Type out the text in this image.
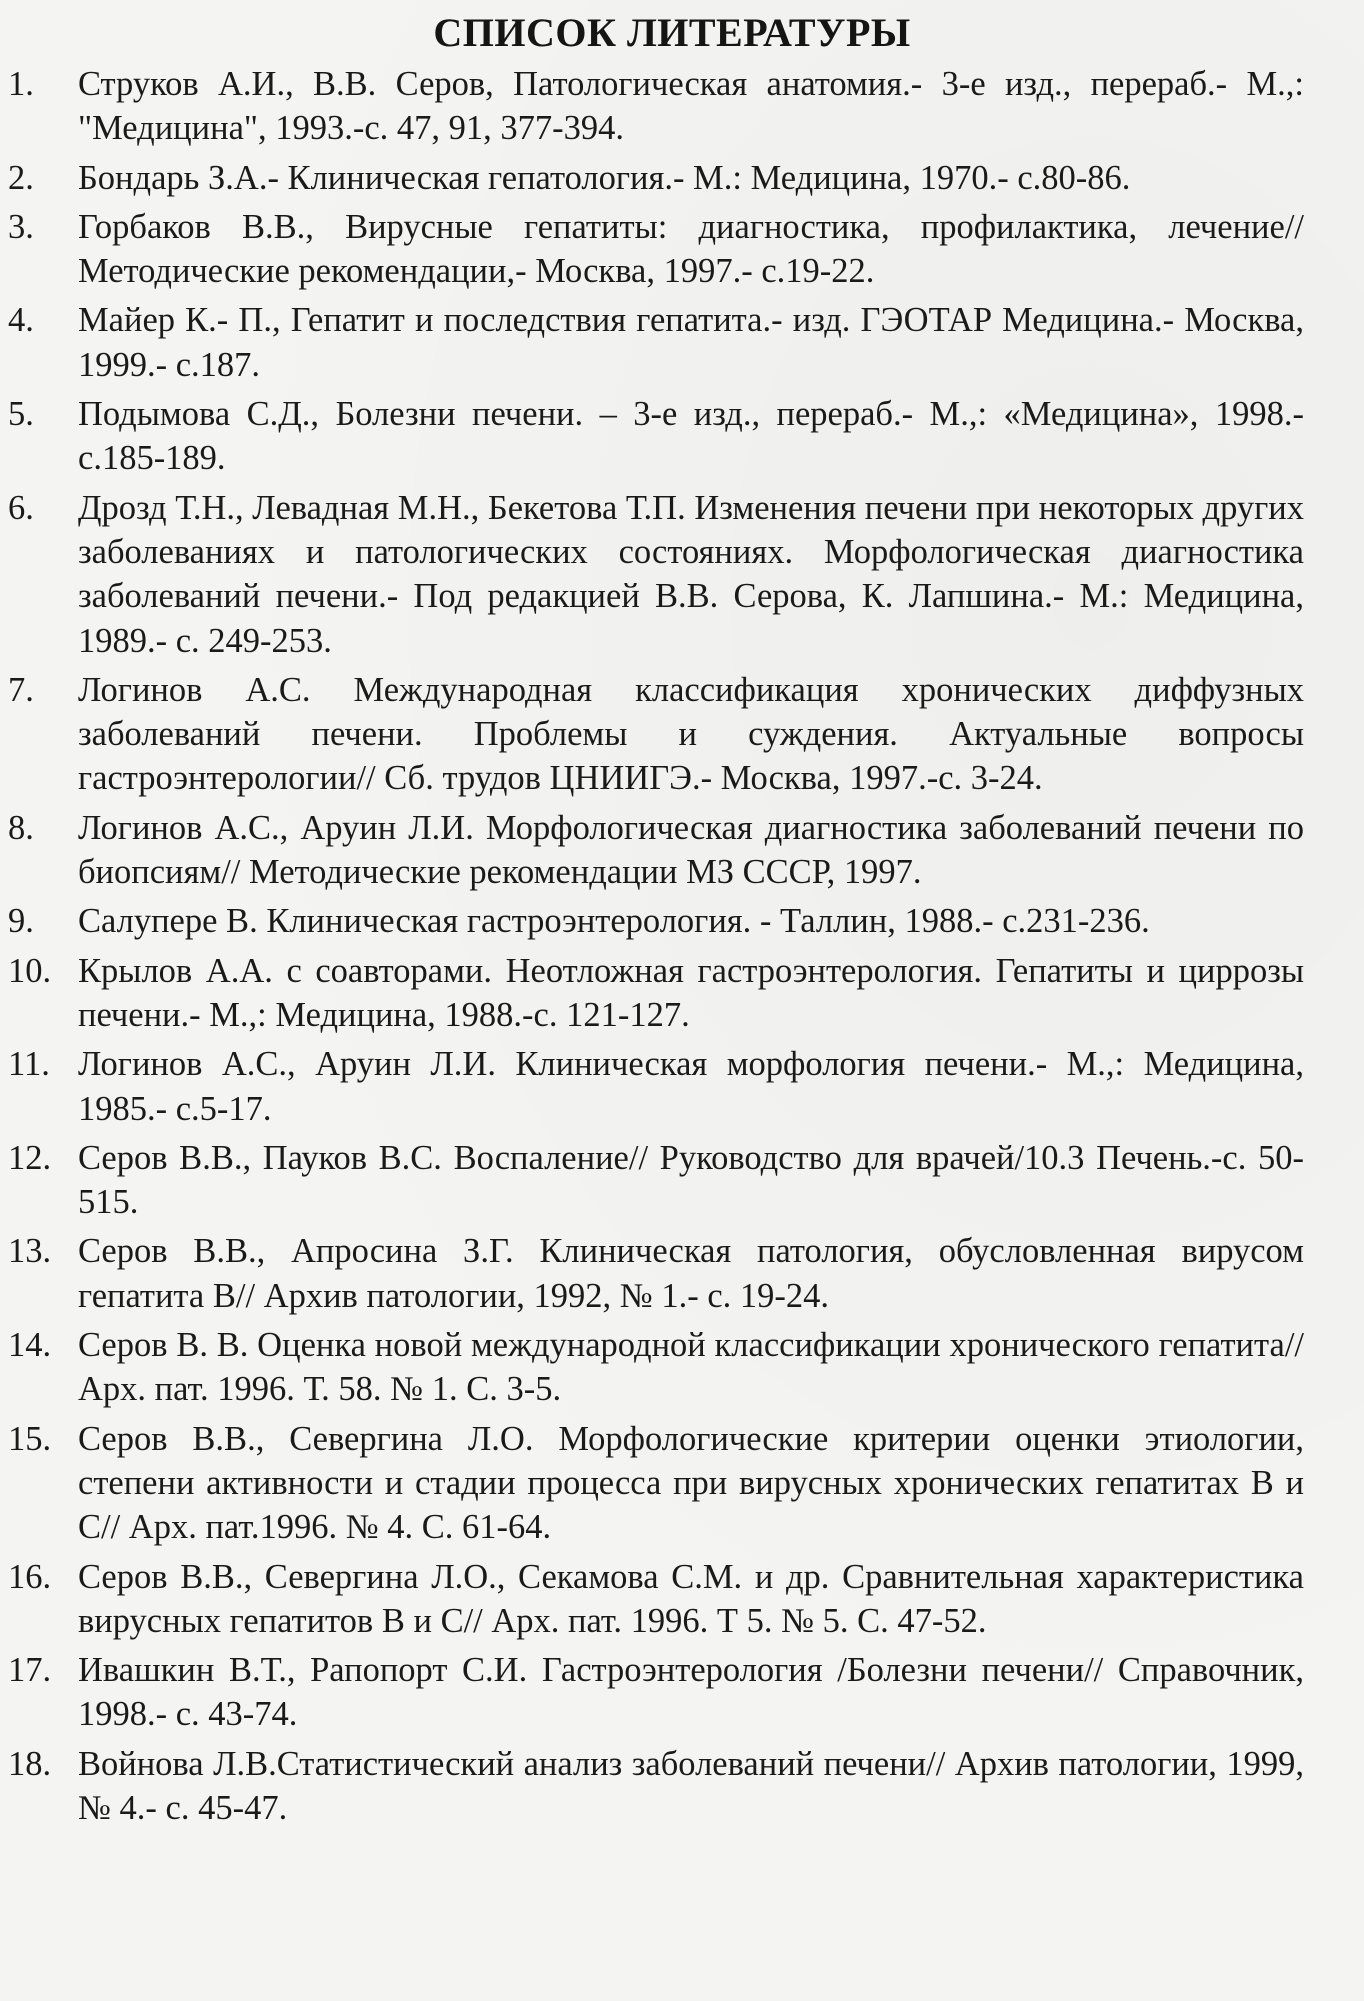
СПИСОК ЛИТЕРАТУРЫ
1.	Струков А.И., В.В. Серов, Патологическая анатомия.- 3-е изд., переpаб.- М.,: "Медицина", 1993.-с. 47, 91, 377-394.
2.	Бондарь З.А.- Клиническая гепатология.- М.: Медицина, 1970.- с.80-86.
3.	Горбаков В.В., Вирусные гепатиты: диагностика, профилактика, лечение// Методические рекомендации,- Москва, 1997.- с.19-22.
4.	Майер К.- П., Гепатит и последствия гепатита.- изд. ГЭОТАР Медицина.- Москва, 1999.- с.187.
5.	Подымова С.Д., Болезни печени. – 3-е изд., перераб.- М.,: «Медицина», 1998.- с.185-189.
6.	Дрозд Т.Н., Левадная М.Н., Бекетова Т.П. Изменения печени при некоторых других заболеваниях и патологических состояниях. Морфологическая диагностика заболеваний печени.- Под редакцией В.В. Серова, К. Лапшина.- М.: Медицина, 1989.- с. 249-253.
7.	Логинов А.С. Международная классификация хронических диффузных заболеваний печени. Проблемы и суждения. Актуальные вопросы гастроэнтерологии// Сб. трудов ЦНИИГЭ.- Москва, 1997.-с. 3-24.
8.	Логинов А.С., Аруин Л.И. Морфологическая диагностика заболеваний печени по биопсиям// Методические рекомендации МЗ СССР, 1997.
9.	Салупере В. Клиническая гастроэнтерология. - Таллин, 1988.- с.231-236.
10. Крылов А.А. с соавторами. Неотложная гастроэнтерология. Гепатиты и циррозы печени.- М.,: Медицина, 1988.-с. 121-127.
11. Логинов А.С., Аруин Л.И. Клиническая морфология печени.- М.,: Медицина, 1985.- с.5-17.
12. Серов В.В., Пауков В.С. Воспаление// Руководство для врачей/10.3 Печень.-с. 50-515.
13. Серов В.В., Апросина З.Г. Клиническая патология, обусловленная вирусом гепатита В// Архив патологии, 1992, № 1.- с. 19-24.
14. Серов В. В. Оценка новой международной классификации хронического гепатита// Арх. пат. 1996. Т. 58. № 1. С. 3-5.
15. Серов В.В., Севергина Л.О. Морфологические критерии оценки этиологии, степени активности и стадии процесса при вирусных хронических гепатитах В и С// Арх. пат.1996. № 4. С. 61-64.
16. Серов В.В., Севергина Л.О., Секамова С.М. и др. Сравнительная характеристика вирусных гепатитов В и С// Арх. пат. 1996. Т 5. № 5. С. 47-52.
17. Ивашкин В.Т., Рапопорт С.И. Гастроэнтерология /Болезни печени// Справочник, 1998.- с. 43-74.
18. Войнова Л.В.Статистический анализ заболеваний печени// Архив патологии, 1999, № 4.- с. 45-47.
